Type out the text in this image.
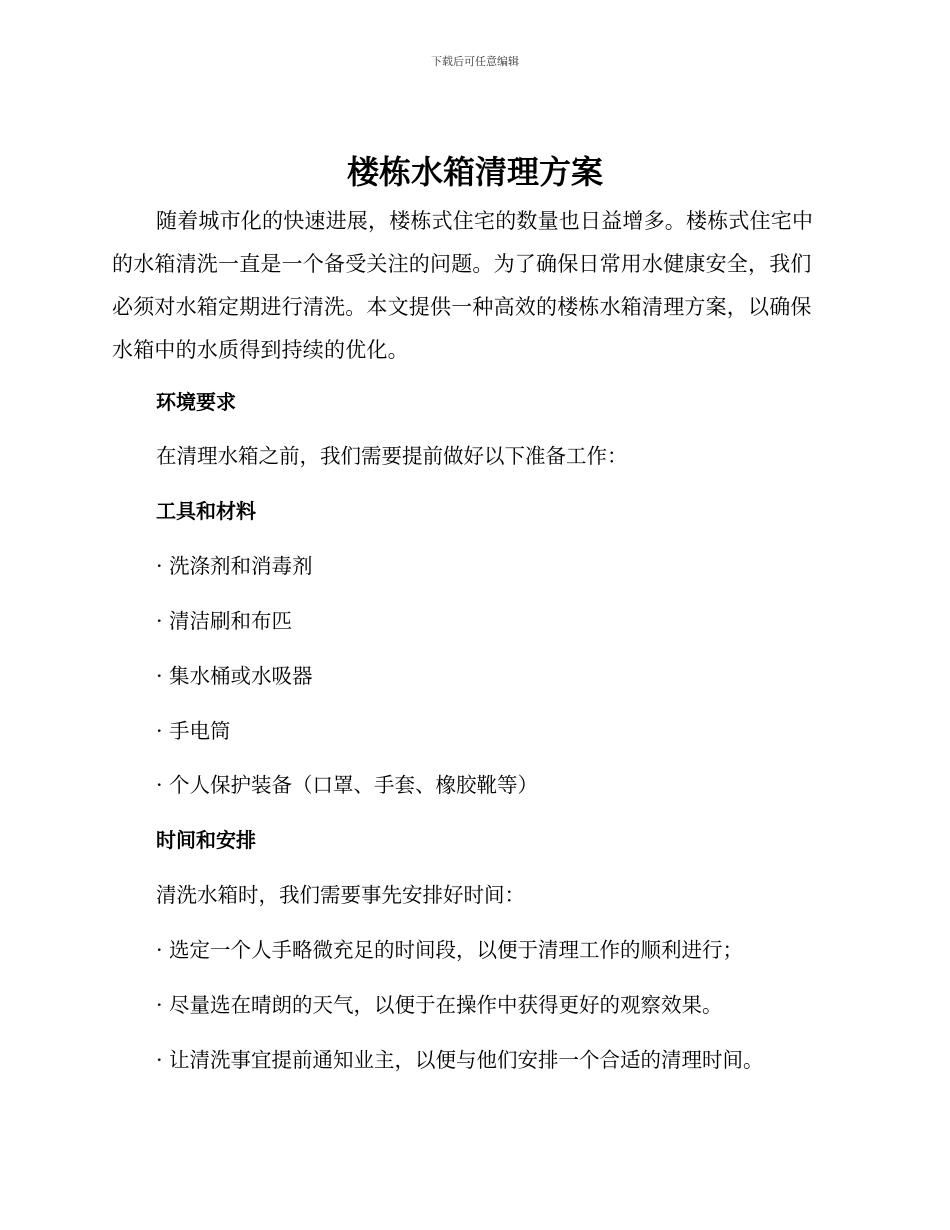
下载后可任意编辑
楼栋水箱清理方案

随着城市化的快速进展，楼栋式住宅的数量也日益增多。楼栋式住宅中的水箱清洗一直是一个备受关注的问题。为了确保日常用水健康安全，我们必须对水箱定期进行清洗。本文提供一种高效的楼栋水箱清理方案，以确保水箱中的水质得到持续的优化。

环境要求

在清理水箱之前，我们需要提前做好以下准备工作：

工具和材料

· 洗涤剂和消毒剂

· 清洁刷和布匹

· 集水桶或水吸器

· 手电筒

· 个人保护装备（口罩、手套、橡胶靴等）

时间和安排

清洗水箱时，我们需要事先安排好时间：

· 选定一个人手略微充足的时间段，以便于清理工作的顺利进行；

· 尽量选在晴朗的天气，以便于在操作中获得更好的观察效果。

· 让清洗事宜提前通知业主，以便与他们安排一个合适的清理时间。
